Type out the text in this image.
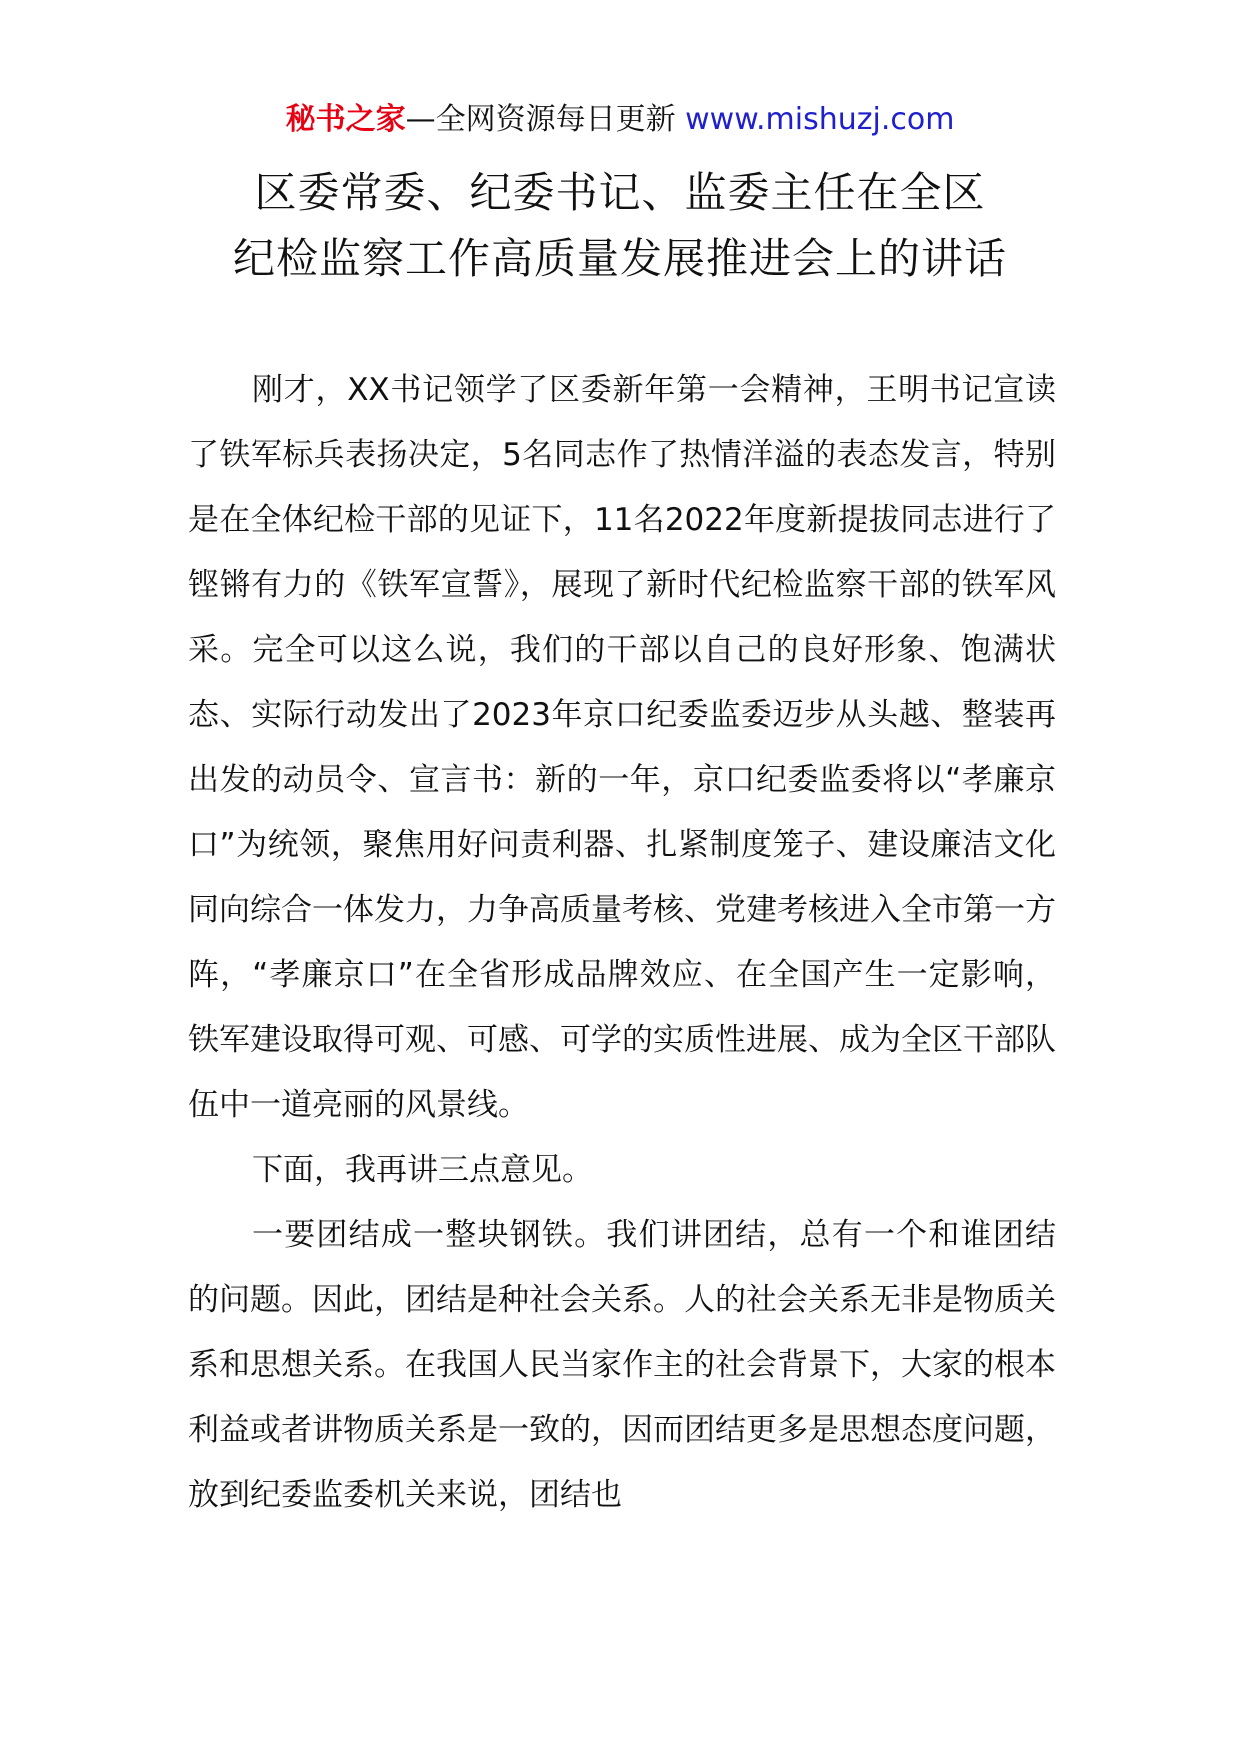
秘书之家—全网资源每日更新 www.mishuzj.com
区委常委、纪委书记、监委主任在全区
纪检监察工作高质量发展推进会上的讲话

刚才，XX书记领学了区委新年第一会精神，王明书记宣读了铁军标兵表扬决定，5名同志作了热情洋溢的表态发言，特别是在全体纪检干部的见证下，11名2022年度新提拔同志进行了铿锵有力的《铁军宣誓》，展现了新时代纪检监察干部的铁军风采。完全可以这么说，我们的干部以自己的良好形象、饱满状态、实际行动发出了2023年京口纪委监委迈步从头越、整装再出发的动员令、宣言书：新的一年，京口纪委监委将以“孝廉京口”为统领，聚焦用好问责利器、扎紧制度笼子、建设廉洁文化同向综合一体发力，力争高质量考核、党建考核进入全市第一方阵，“孝廉京口”在全省形成品牌效应、在全国产生一定影响，铁军建设取得可观、可感、可学的实质性进展、成为全区干部队伍中一道亮丽的风景线。

下面，我再讲三点意见。

一要团结成一整块钢铁。我们讲团结，总有一个和谁团结的问题。因此，团结是种社会关系。人的社会关系无非是物质关系和思想关系。在我国人民当家作主的社会背景下，大家的根本利益或者讲物质关系是一致的，因而团结更多是思想态度问题，放到纪委监委机关来说，团结也
